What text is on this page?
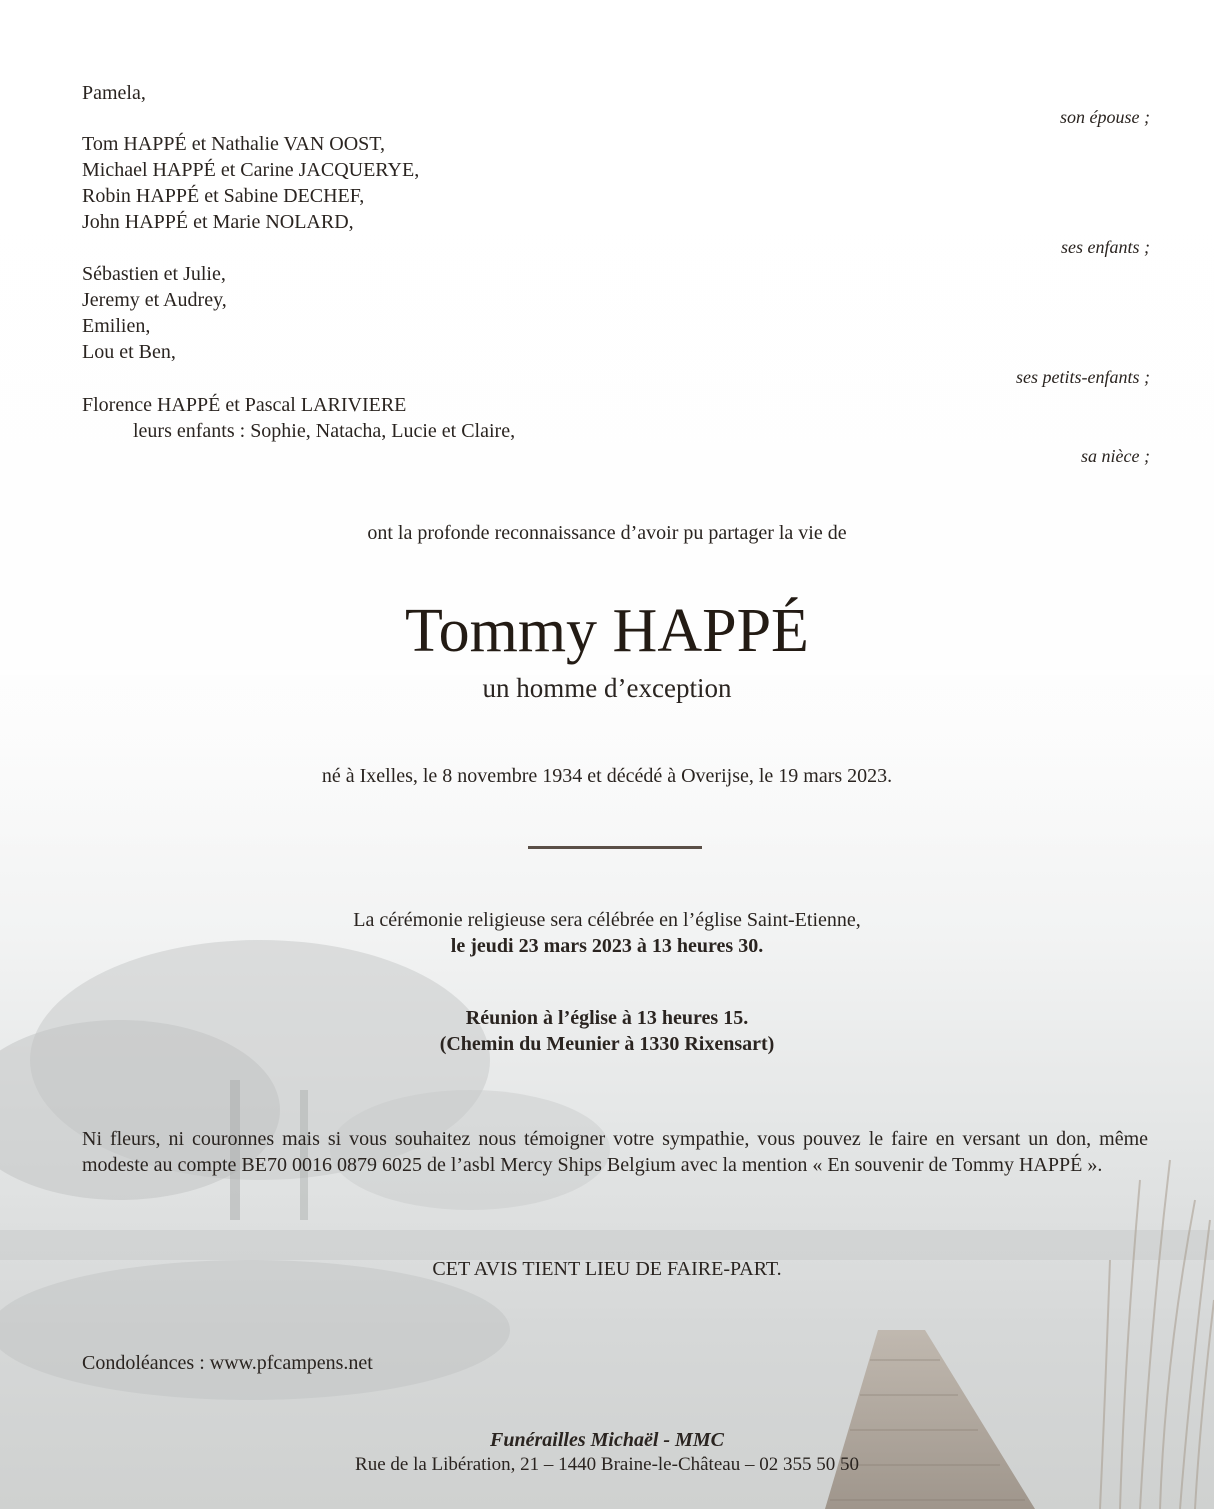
Pamela,
son épouse ;
Tom HAPPÉ et Nathalie VAN OOST,
Michael HAPPÉ et Carine JACQUERYE,
Robin HAPPÉ et Sabine DECHEF,
John HAPPÉ et Marie NOLARD,
ses enfants ;
Sébastien et Julie,
Jeremy et Audrey,
Emilien,
Lou et Ben,
ses petits-enfants ;
Florence HAPPÉ et Pascal LARIVIERE
leurs enfants : Sophie, Natacha, Lucie et Claire,
sa nièce ;
ont la profonde reconnaissance d’avoir pu partager la vie de
Tommy HAPPÉ
un homme d’exception
né à Ixelles, le 8 novembre 1934 et décédé à Overijse, le 19 mars 2023.
La cérémonie religieuse sera célébrée en l’église Saint-Etienne,
le jeudi 23 mars 2023 à 13 heures 30.
Réunion à l’église à 13 heures 15.
(Chemin du Meunier à 1330 Rixensart)
Ni fleurs, ni couronnes mais si vous souhaitez nous témoigner votre sympathie, vous pouvez le faire en versant un don, même modeste au compte BE70 0016 0879 6025 de l’asbl Mercy Ships Belgium avec la mention « En souvenir de Tommy HAPPÉ ».
CET AVIS TIENT LIEU DE FAIRE-PART.
Condoléances : www.pfcampens.net
Funérailles Michaël - MMC
Rue de la Libération, 21 – 1440 Braine-le-Château – 02 355 50 50
